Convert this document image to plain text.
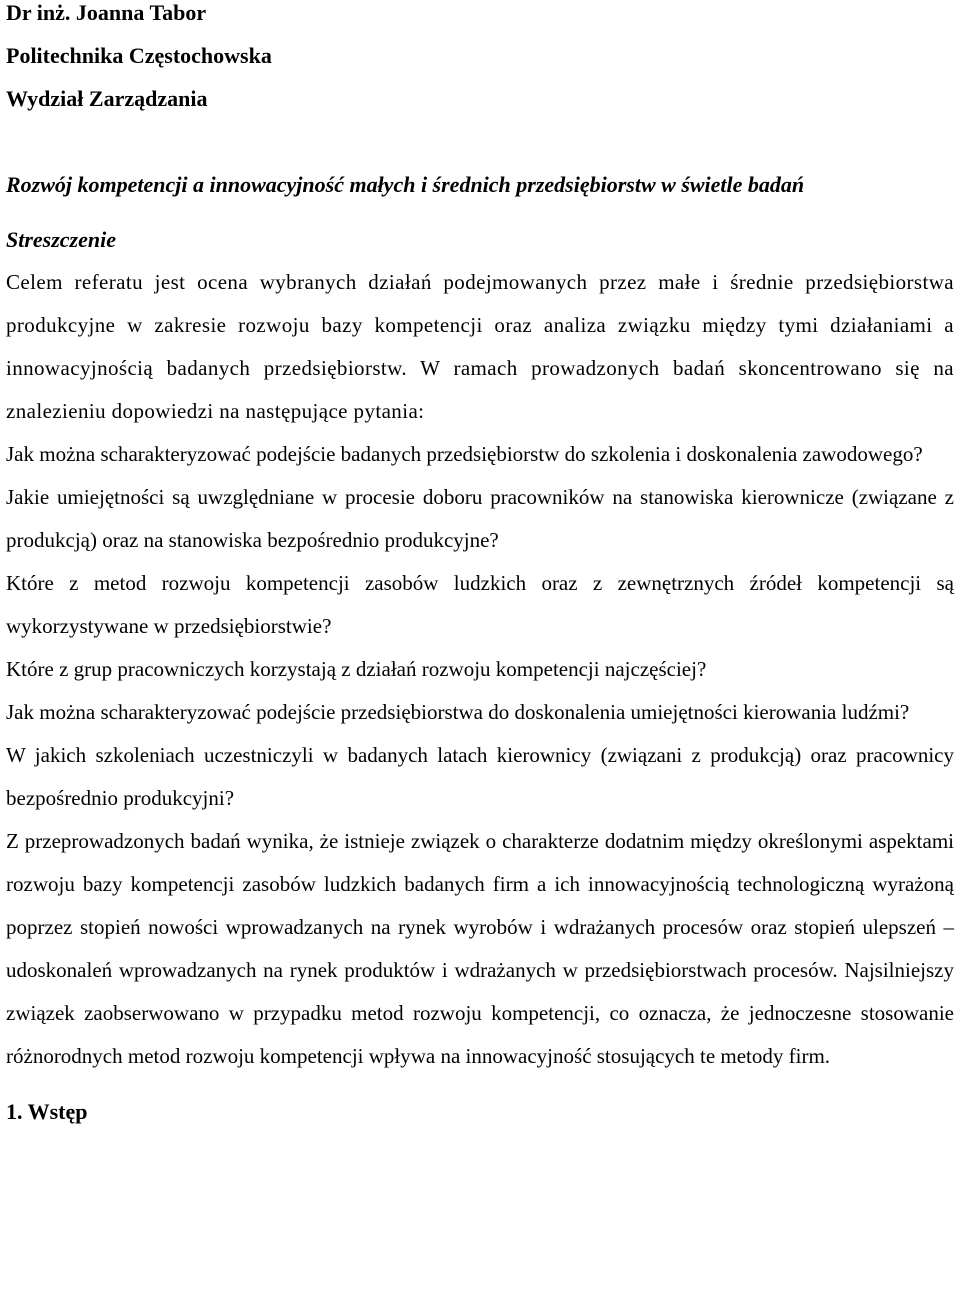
Dr inż. Joanna Tabor
Politechnika Częstochowska
Wydział Zarządzania
Rozwój kompetencji a innowacyjność małych i średnich przedsiębiorstw w świetle badań
Streszczenie

Celem referatu jest ocena wybranych działań podejmowanych przez małe i średnie przedsiębiorstwa produkcyjne w zakresie rozwoju bazy kompetencji oraz analiza związku między tymi działaniami a innowacyjnością badanych przedsiębiorstw. W ramach prowadzonych badań skoncentrowano się na znalezieniu dopowiedzi na następujące pytania:

Jak można scharakteryzować podejście badanych przedsiębiorstw do szkolenia i doskonalenia zawodowego?

Jakie umiejętności są uwzględniane w procesie doboru pracowników na stanowiska kierownicze (związane z produkcją) oraz na stanowiska bezpośrednio produkcyjne?

Które z metod rozwoju kompetencji zasobów ludzkich oraz z zewnętrznych źródeł kompetencji są wykorzystywane w przedsiębiorstwie?

Które z grup pracowniczych korzystają z działań rozwoju kompetencji najczęściej?

Jak można scharakteryzować podejście przedsiębiorstwa do doskonalenia umiejętności kierowania ludźmi?

W jakich szkoleniach uczestniczyli w badanych latach kierownicy (związani z produkcją) oraz pracownicy bezpośrednio produkcyjni?

Z przeprowadzonych badań wynika, że istnieje związek o charakterze dodatnim między określonymi aspektami rozwoju bazy kompetencji zasobów ludzkich badanych firm a ich innowacyjnością technologiczną wyrażoną poprzez stopień nowości wprowadzanych na rynek wyrobów i wdrażanych procesów oraz stopień ulepszeń – udoskonaleń wprowadzanych na rynek produktów i wdrażanych w przedsiębiorstwach procesów. Najsilniejszy związek zaobserwowano w przypadku metod rozwoju kompetencji, co oznacza, że jednoczesne stosowanie różnorodnych metod rozwoju kompetencji wpływa na innowacyjność stosujących te metody firm.

1. Wstęp
